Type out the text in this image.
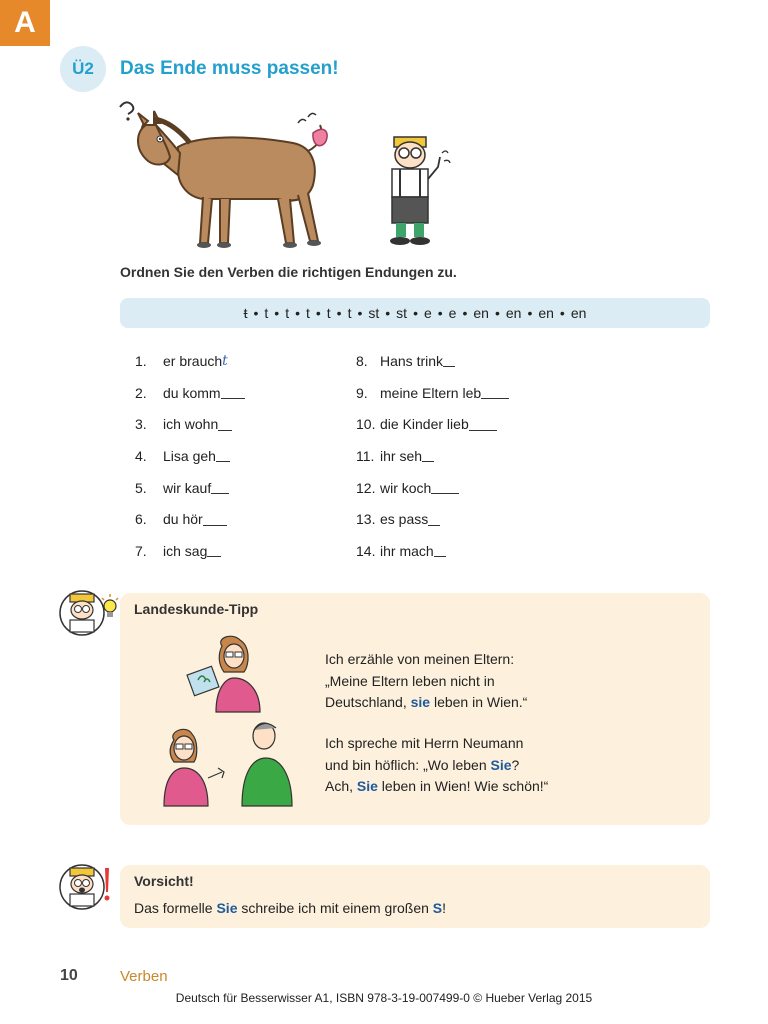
A
Ü2	Das Ende muss passen!
Ordnen Sie den Verben die richtigen Endungen zu.
t • t • t • t • t • t • st • st • e • e • en • en • en • en
1.	er brauch t
2.	du komm
3.	ich wohn
4.	Lisa geh
5.	wir kauf
6.	du hör
7.	ich sag
8. Hans trink
9. meine Eltern leb
10. die Kinder lieb
11. ihr seh
12. wir koch
13. es pass
14. ihr mach
Landeskunde-Tipp
Ich erzähle von meinen Eltern:
„Meine Eltern leben nicht in
Deutschland, sie leben in Wien.“
Ich spreche mit Herrn Neumann
und bin höflich: „Wo leben Sie?
Ach, Sie leben in Wien! Wie schön!“
Vorsicht!
Das formelle Sie schreibe ich mit einem großen S!
10	Verben
Deutsch für Besserwisser A1, ISBN 978-3-19-007499-0 © Hueber Verlag 2015
